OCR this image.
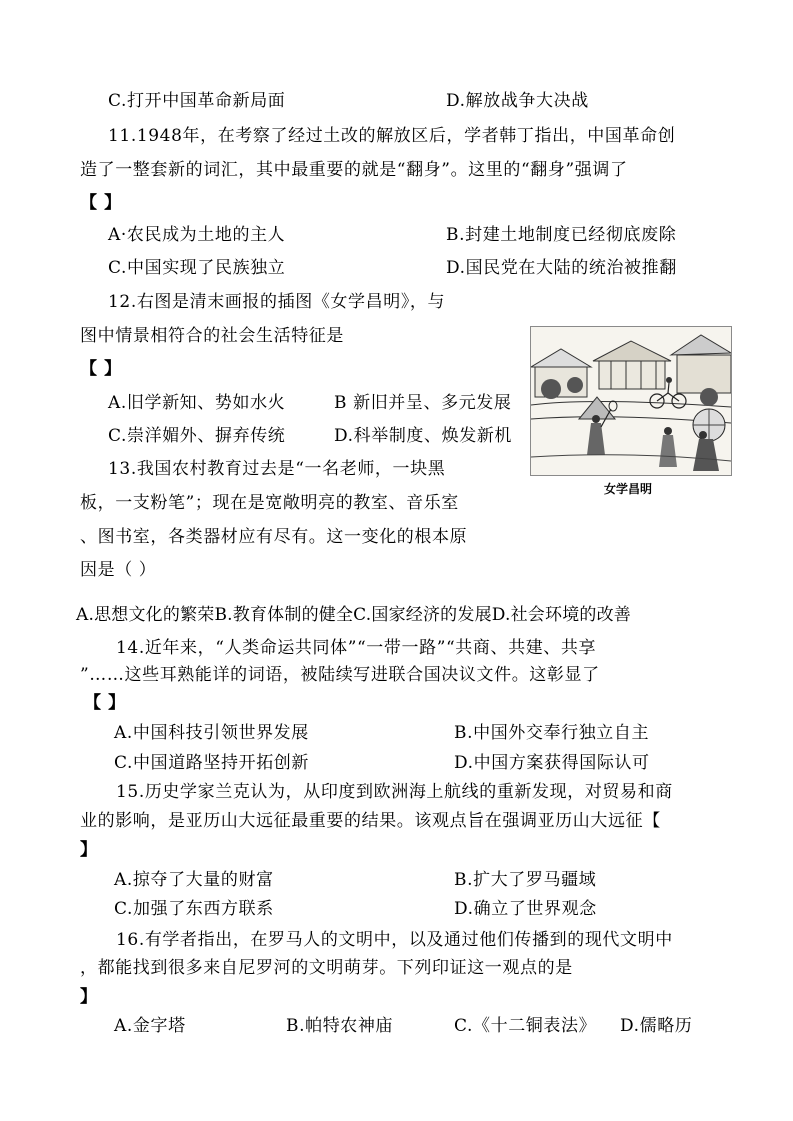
C.打开中国革命新局面	D.解放战争大决战
11.1948年，在考察了经过土改的解放区后，学者韩丁指出，中国革命创
造了一整套新的词汇，其中最重要的就是“翻身”。这里的“翻身”强调了
【 】
A·农民成为土地的主人	B.封建土地制度已经彻底废除
C.中国实现了民族独立	D.国民党在大陆的统治被推翻
12.右图是清末画报的插图《女学昌明》，与
图中情景相符合的社会生活特征是
【 】
A.旧学新知、势如水火	B 新旧并呈、多元发展
C.崇洋媚外、摒弃传统	D.科举制度、焕发新机
女学昌明
13.我国农村教育过去是“一名老师，一块黑
板，一支粉笔”；现在是宽敞明亮的教室、音乐室
、图书室，各类器材应有尽有。这一变化的根本原
因是（ ）
A.思想文化的繁荣B.教育体制的健全C.国家经济的发展D.社会环境的改善
14.近年来，“人类命运共同体”“一带一路”“共商、共建、共享
”……这些耳熟能详的词语，被陆续写进联合国决议文件。这彰显了
【 】
A.中国科技引领世界发展	B.中国外交奉行独立自主
C.中国道路坚持开拓创新	D.中国方案获得国际认可
15.历史学家兰克认为，从印度到欧洲海上航线的重新发现，对贸易和商
业的影响，是亚历山大远征最重要的结果。该观点旨在强调亚历山大远征【
】
A.掠夺了大量的财富	B.扩大了罗马疆域
C.加强了东西方联系	D.确立了世界观念
16.有学者指出，在罗马人的文明中，以及通过他们传播到的现代文明中
，都能找到很多来自尼罗河的文明萌芽。下列印证这一观点的是
】
A.金字塔	B.帕特农神庙	C.《十二铜表法》 D.儒略历
